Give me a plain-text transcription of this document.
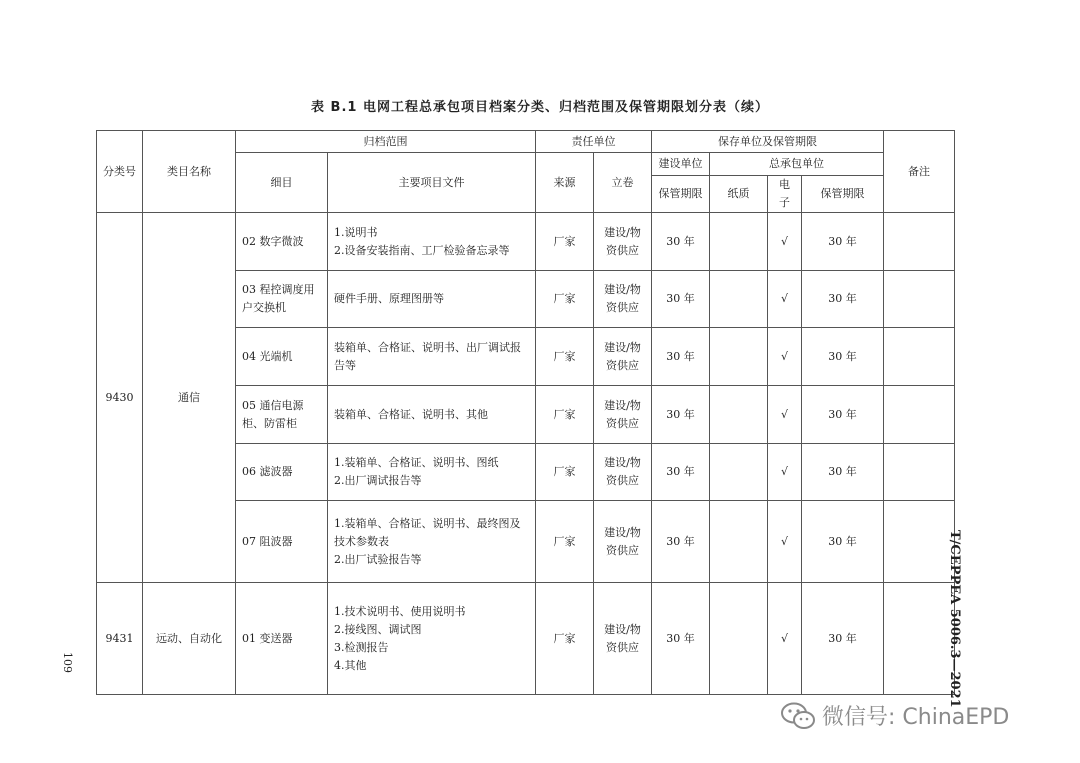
表 B.1 电网工程总承包项目档案分类、归档范围及保管期限划分表（续）
分类号	类目名称	归档范围		责任单位		保存单位及保管期限				备注
		细目	主要项目文件	来源	立卷	建设单位	总承包单位			
						保管期限	纸质	电子	保管期限	
9430	通信	02 数字微波	1.说明书
2.设备安装指南、工厂检验备忘录等	厂家	建设/物资供应	30 年		√	30 年	
		03 程控调度用户交换机	硬件手册、原理图册等	厂家	建设/物资供应	30 年		√	30 年	
		04 光端机	装箱单、合格证、说明书、出厂调试报告等	厂家	建设/物资供应	30 年		√	30 年	
		05 通信电源柜、防雷柜	装箱单、合格证、说明书、其他	厂家	建设/物资供应	30 年		√	30 年	
		06 滤波器	1.装箱单、合格证、说明书、图纸
2.出厂调试报告等	厂家	建设/物资供应	30 年		√	30 年	
		07 阻波器	1.装箱单、合格证、说明书、最终图及技术参数表
2.出厂试验报告等	厂家	建设/物资供应	30 年		√	30 年	
9431	远动、自动化	01 变送器	1.技术说明书、使用说明书
2.接线图、调试图
3.检测报告
4.其他	厂家	建设/物资供应	30 年		√	30 年		T/CEPPEA 5006.3—2021
109
微信号: ChinaEPD
